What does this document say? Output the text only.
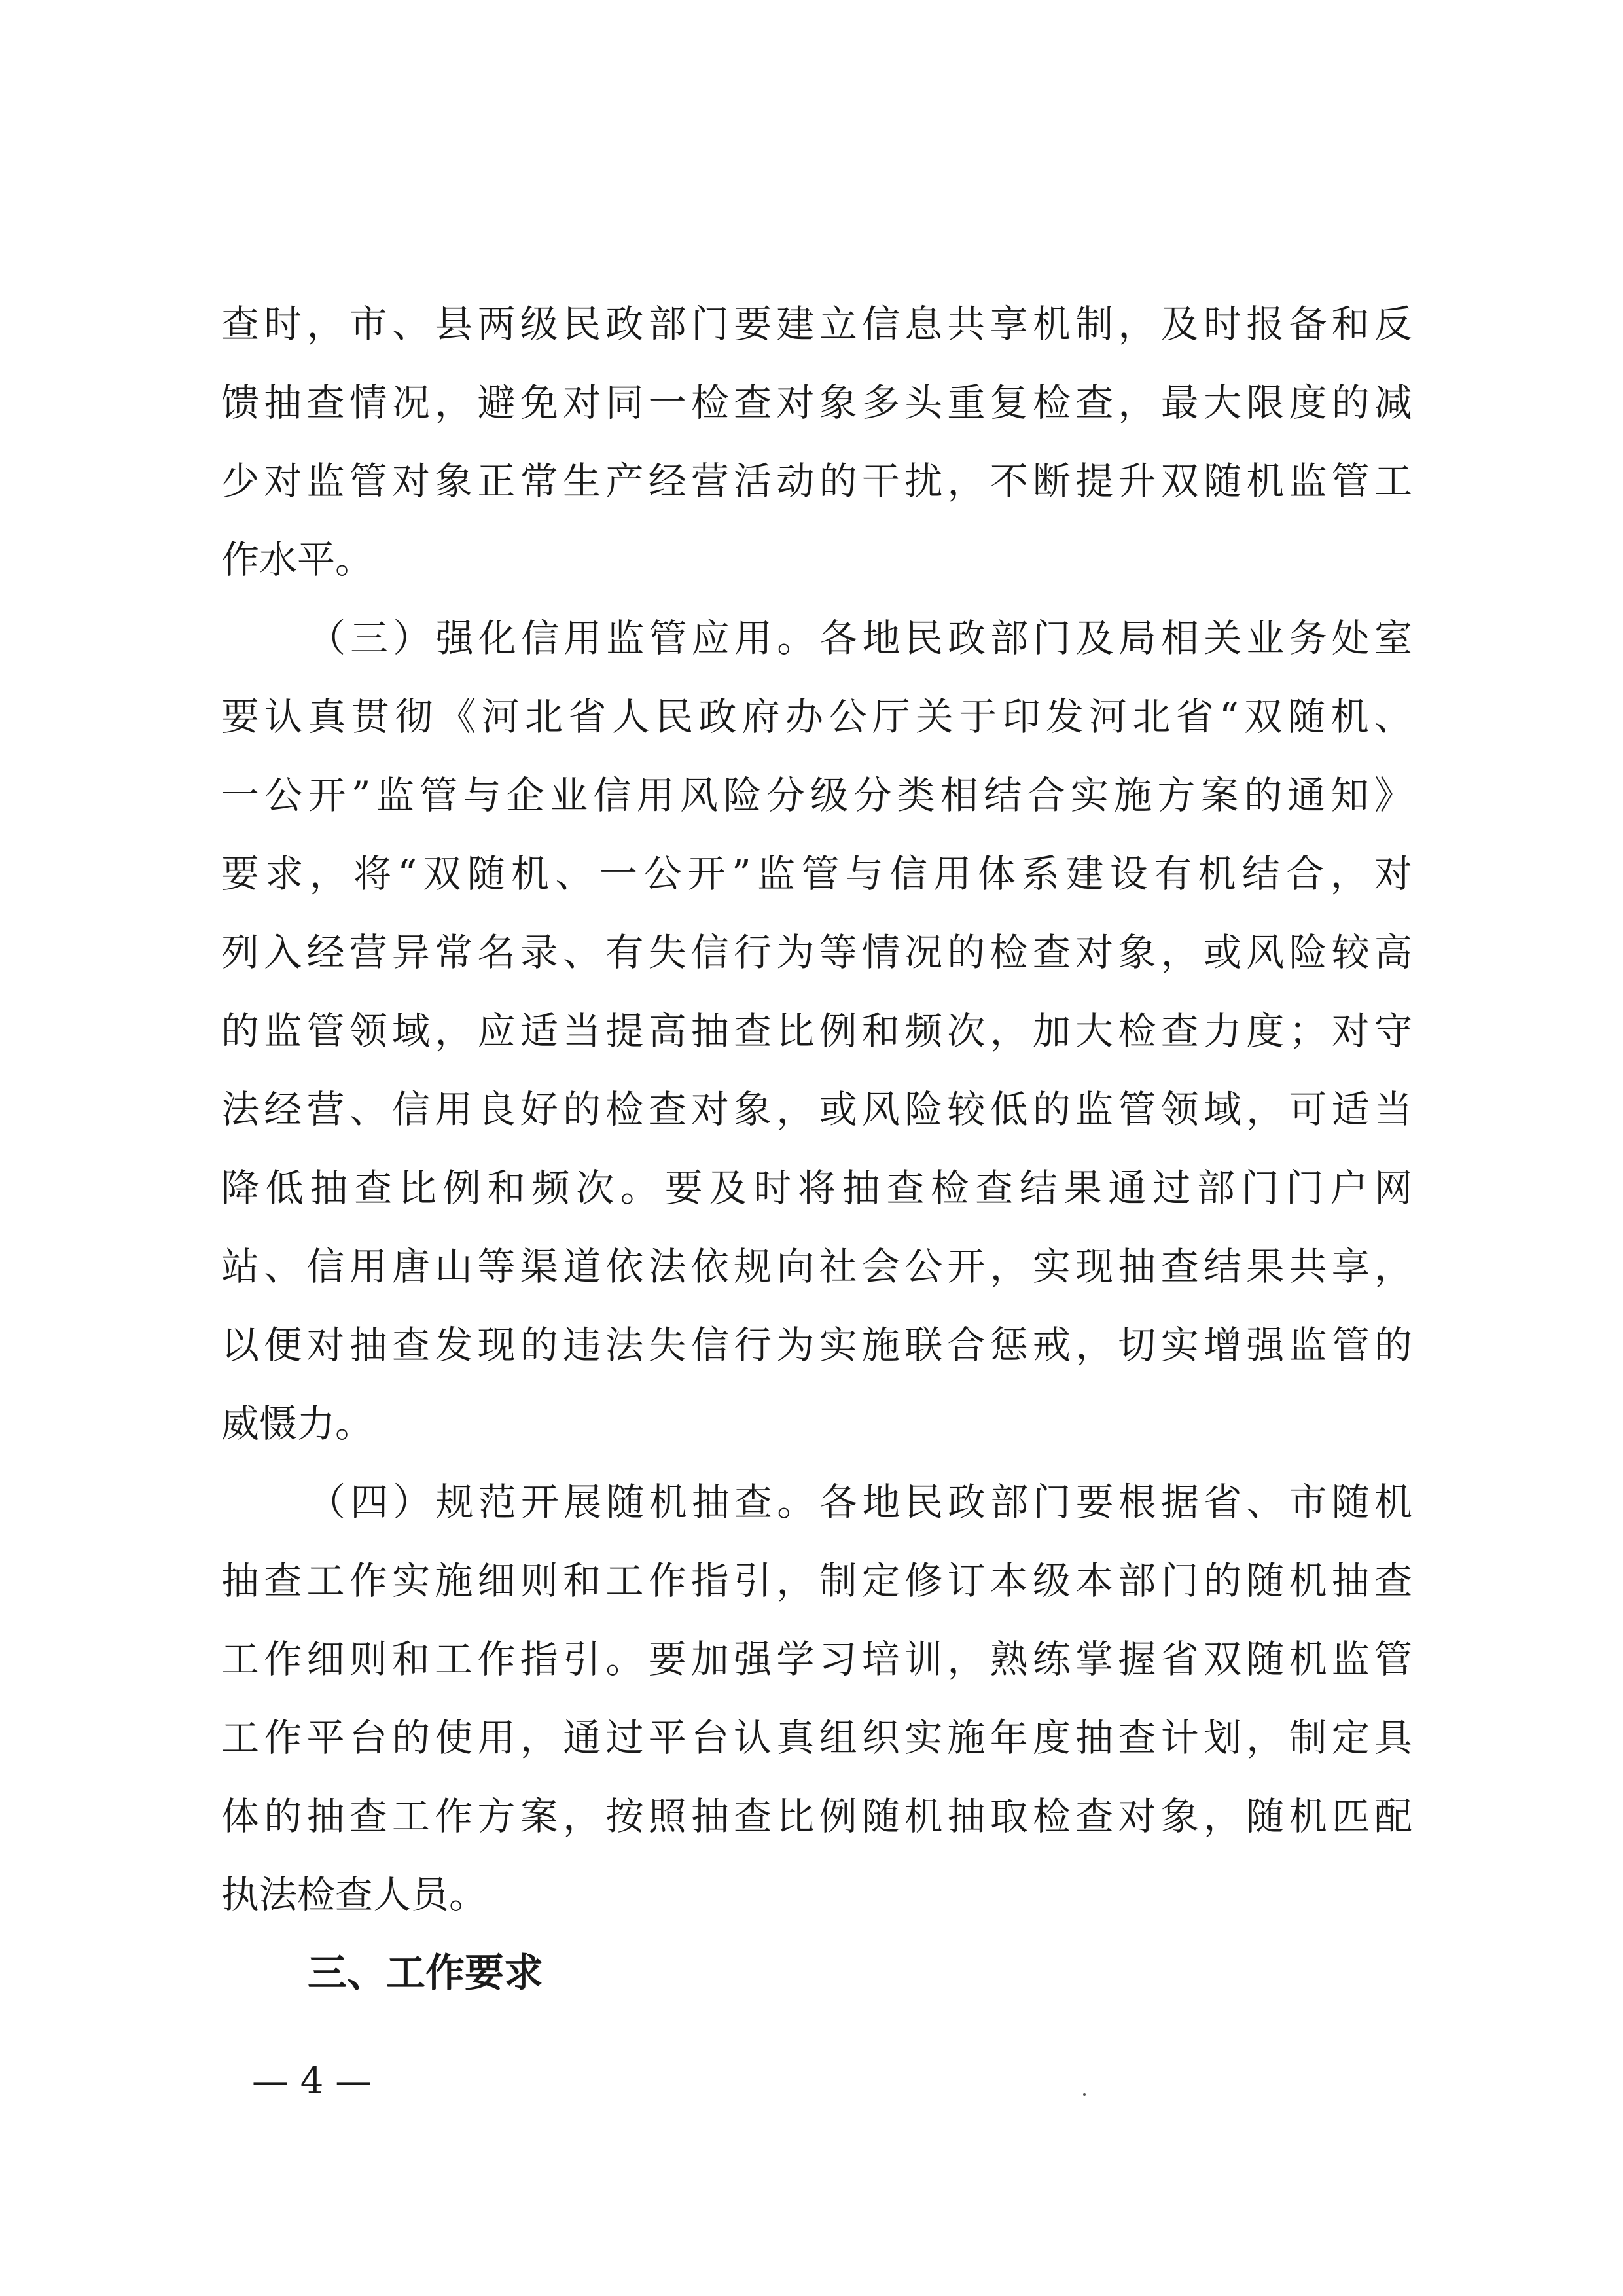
查时，市、县两级民政部门要建立信息共享机制，及时报备和反

馈抽查情况，避免对同一检查对象多头重复检查，最大限度的减

少对监管对象正常生产经营活动的干扰，不断提升双随机监管工

作水平。

（三）强化信用监管应用。各地民政部门及局相关业务处室

要认真贯彻《河北省人民政府办公厅关于印发河北省“双随机、

一公开”监管与企业信用风险分级分类相结合实施方案的通知》

要求，将“双随机、一公开”监管与信用体系建设有机结合，对

列入经营异常名录、有失信行为等情况的检查对象，或风险较高

的监管领域，应适当提高抽查比例和频次，加大检查力度；对守

法经营、信用良好的检查对象，或风险较低的监管领域，可适当

降低抽查比例和频次。要及时将抽查检查结果通过部门门户网

站、信用唐山等渠道依法依规向社会公开，实现抽查结果共享，

以便对抽查发现的违法失信行为实施联合惩戒，切实增强监管的

威慑力。

（四）规范开展随机抽查。各地民政部门要根据省、市随机

抽查工作实施细则和工作指引，制定修订本级本部门的随机抽查

工作细则和工作指引。要加强学习培训，熟练掌握省双随机监管

工作平台的使用，通过平台认真组织实施年度抽查计划，制定具

体的抽查工作方案，按照抽查比例随机抽取检查对象，随机匹配

执法检查人员。

三、工作要求

— 4 —
